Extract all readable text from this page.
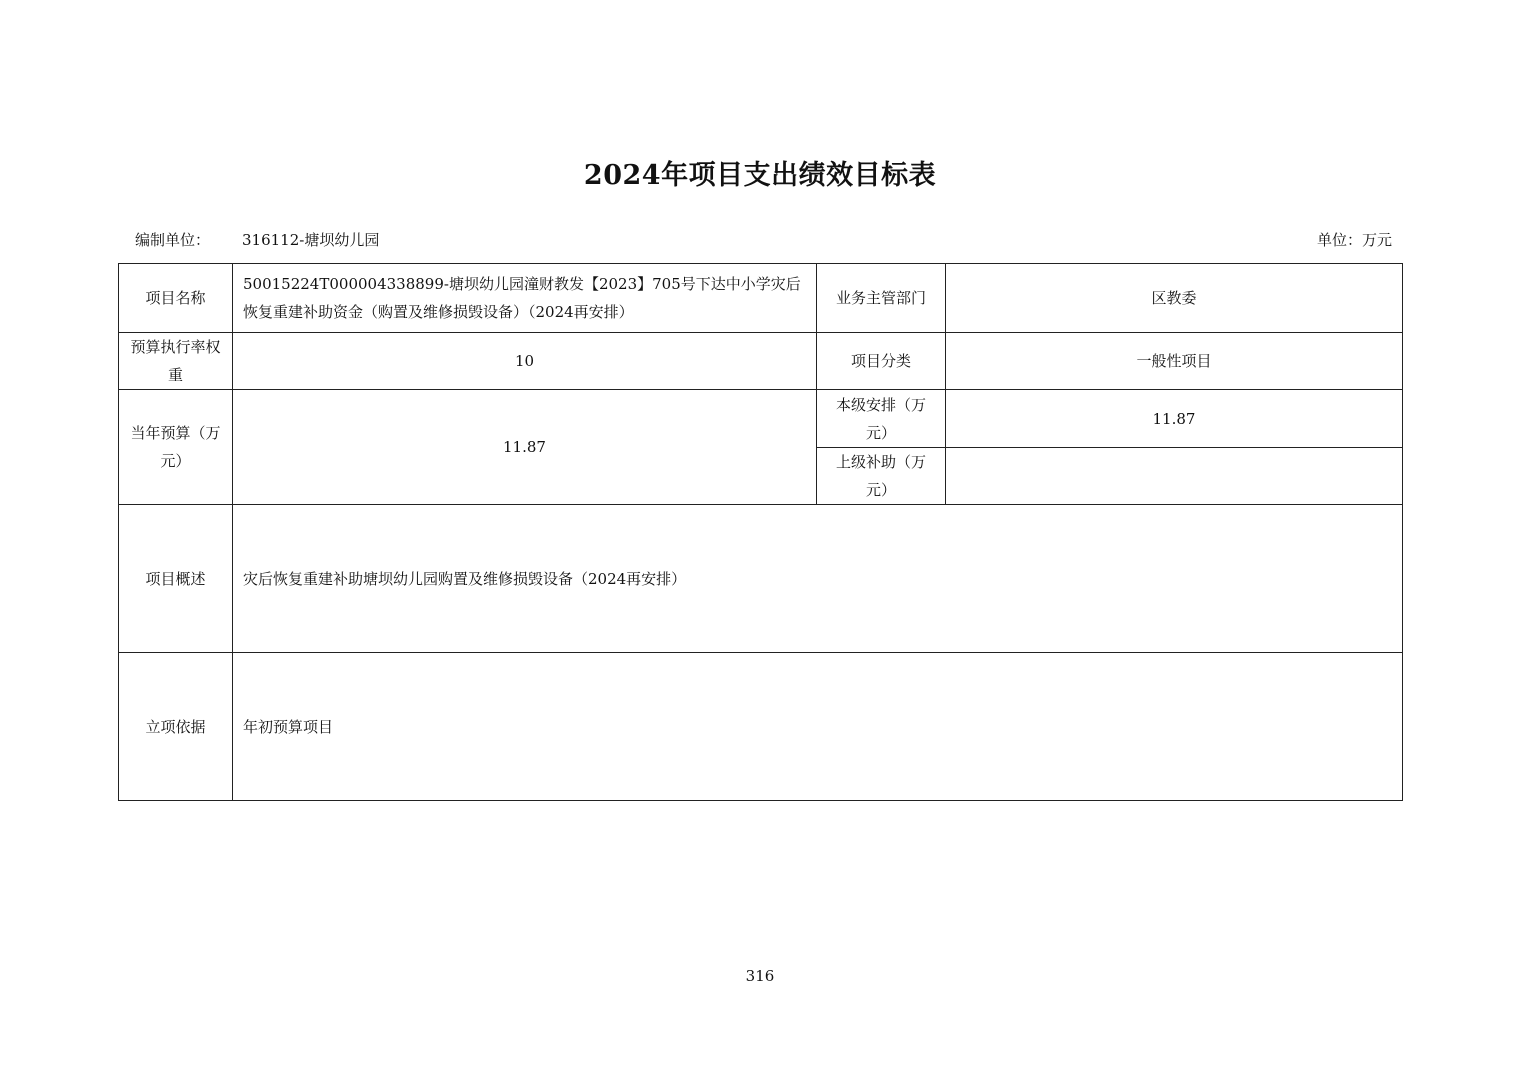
2024年项目支出绩效目标表
编制单位： 316112-塘坝幼儿园	单位：万元
项目名称	50015224T000004338899-塘坝幼儿园潼财教发【2023】705号下达中小学灾后恢复重建补助资金（购置及维修损毁设备）（2024再安排）	业务主管部门	区教委
预算执行率权重	10	项目分类	一般性项目
当年预算（万元）	11.87	本级安排（万元）	11.87
		上级补助（万元）	
项目概述	灾后恢复重建补助塘坝幼儿园购置及维修损毁设备（2024再安排）		
立项依据	年初预算项目		
316
